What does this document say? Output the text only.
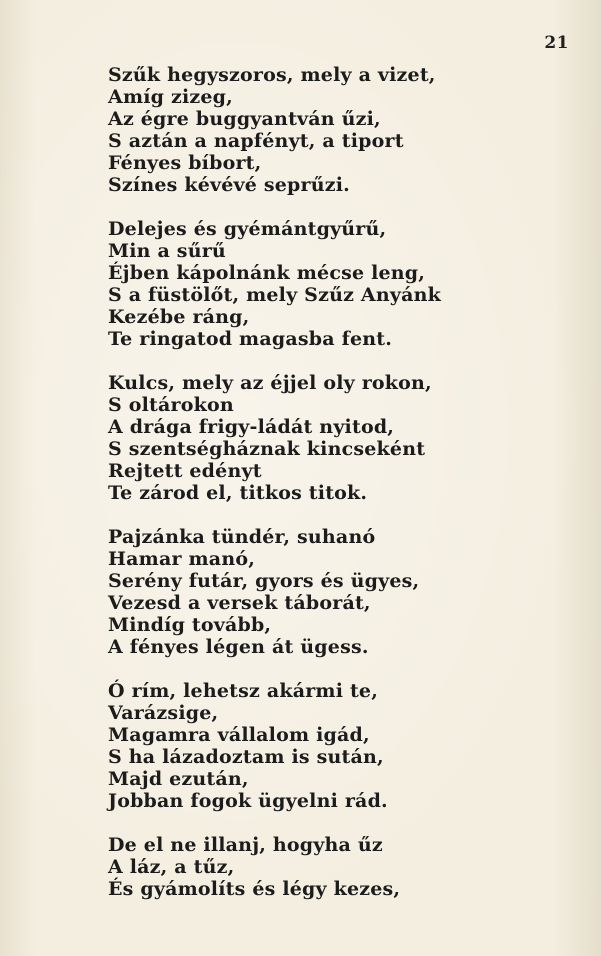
21
Szűk hegyszoros, mely a vizet,
Amíg zizeg,
Az égre buggyantván űzi,
S aztán a napfényt, a tiport
Fényes bíbort,
Színes kévévé seprűzi.
Delejes és gyémántgyűrű,
Min a sűrű
Éjben kápolnánk mécse leng,
S a füstölőt, mely Szűz Anyánk
Kezébe ráng,
Te ringatod magasba fent.
Kulcs, mely az éjjel oly rokon,
S oltárokon
A drága frigy-ládát nyitod,
S szentségháznak kincseként
Rejtett edényt
Te zárod el, titkos titok.
Pajzánka tündér, suhanó
Hamar manó,
Serény futár, gyors és ügyes,
Vezesd a versek táborát,
Mindíg tovább,
A fényes légen át ügess.
Ó rím, lehetsz akármi te,
Varázsige,
Magamra vállalom igád,
S ha lázadoztam is sután,
Majd ezután,
Jobban fogok ügyelni rád.
De el ne illanj, hogyha űz
A láz, a tűz,
És gyámolíts és légy kezes,
